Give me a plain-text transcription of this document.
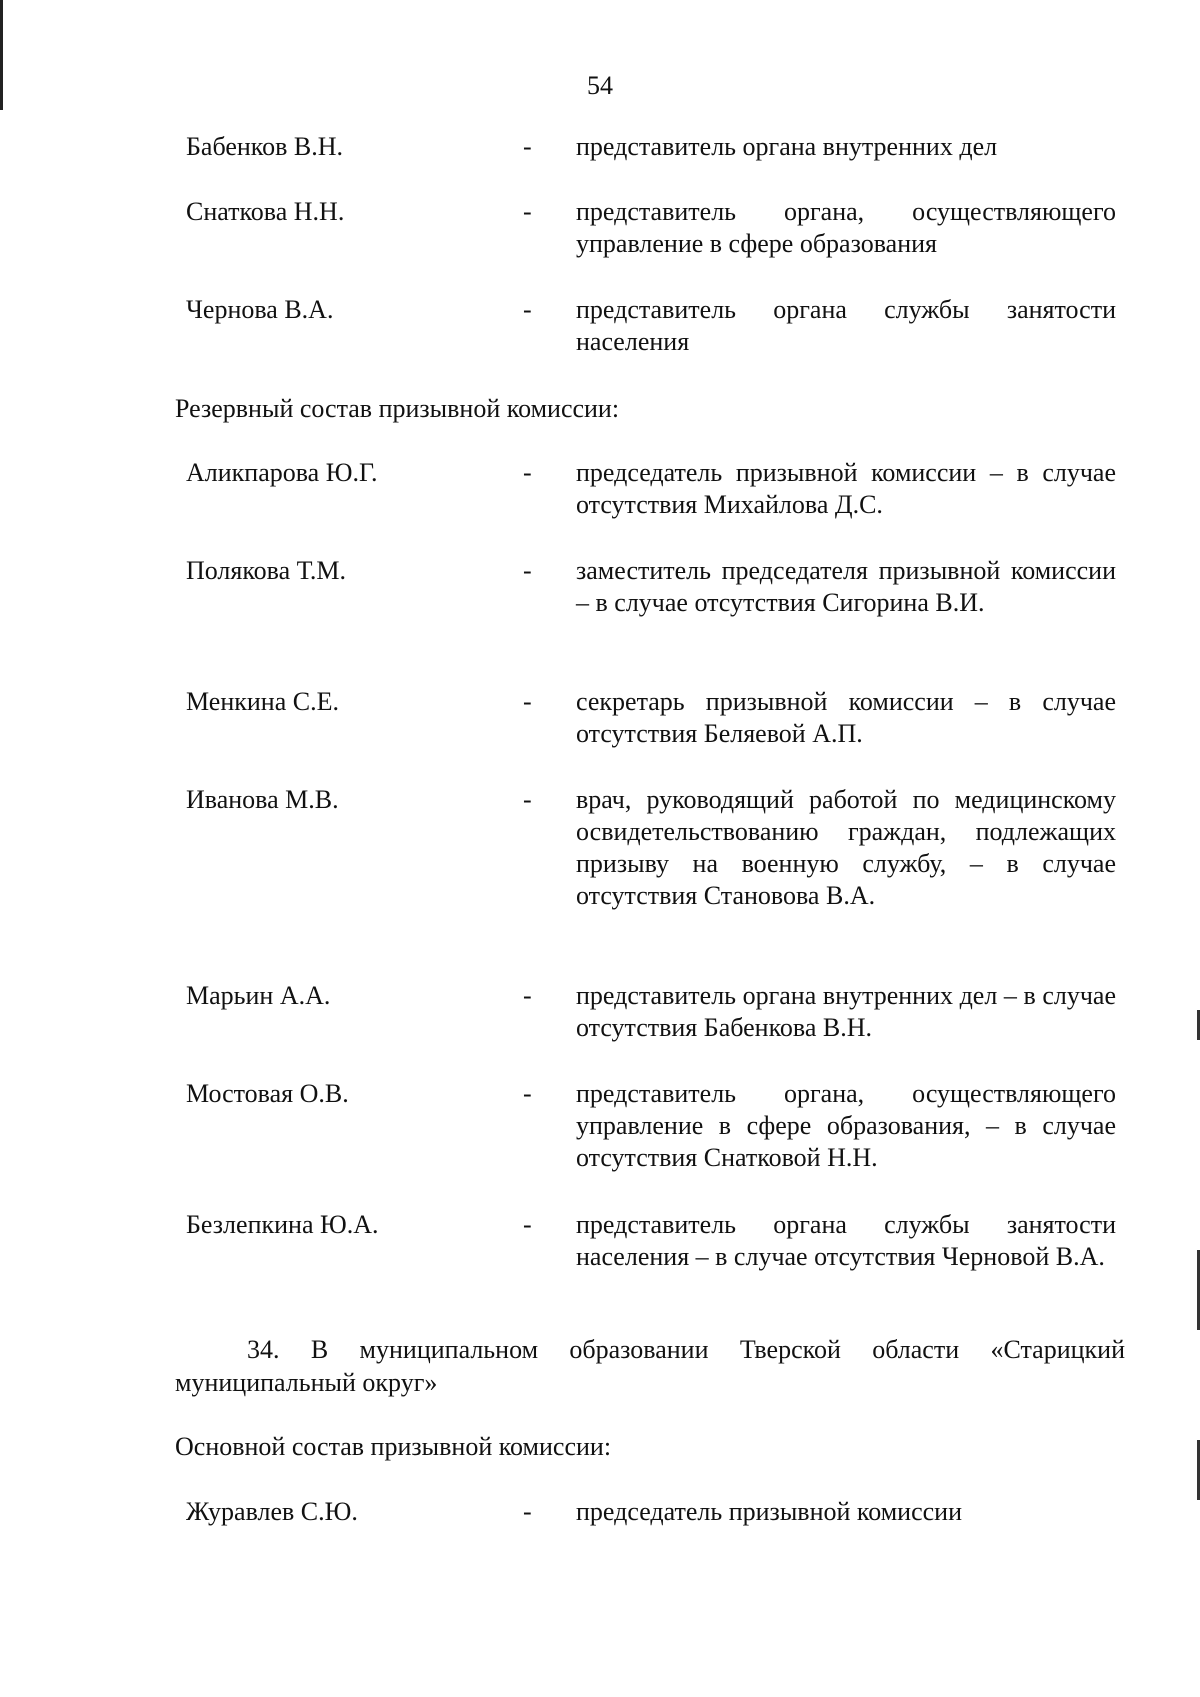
54
Бабенков В.Н.	- представитель органа внутренних дел
Снаткова Н.Н.	- представитель органа, осуществляющего управление в сфере образования
Чернова В.А.	- представитель органа службы занятости населения
Резервный состав призывной комиссии:
Аликпарова Ю.Г.	- председатель призывной комиссии – в случае отсутствия Михайлова Д.С.
Полякова Т.М.	- заместитель председателя призывной комиссии – в случае отсутствия Сигорина В.И.
Менкина С.Е.	- секретарь призывной комиссии – в случае отсутствия Беляевой А.П.
Иванова М.В.	- врач, руководящий работой по медицинскому освидетельствованию граждан, подлежащих призыву на военную службу, – в случае отсутствия Становова В.А.
Марьин А.А.	- представитель органа внутренних дел – в случае отсутствия Бабенкова В.Н.
Мостовая О.В.	- представитель органа, осуществляющего управление в сфере образования, – в случае отсутствия Снатковой Н.Н.
Безлепкина Ю.А.	- представитель органа службы занятости населения – в случае отсутствия Черновой В.А.
34. В муниципальном образовании Тверской области «Старицкий муниципальный округ»
Основной состав призывной комиссии:
Журавлев С.Ю.	- председатель призывной комиссии
